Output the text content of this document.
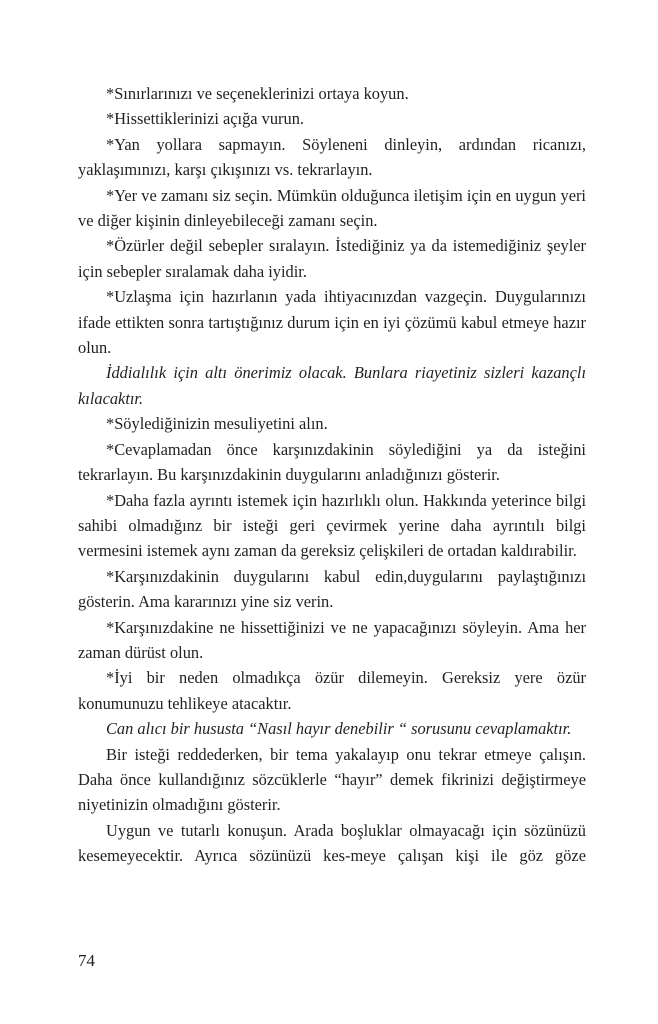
*Sınırlarınızı ve seçeneklerinizi ortaya koyun.

*Hissettiklerinizi açığa vurun.

*Yan yollara sapmayın. Söyleneni dinleyin, ardından ricanızı, yaklaşımınızı, karşı çıkışınızı vs. tekrarlayın.

*Yer ve zamanı siz seçin. Mümkün olduğunca iletişim için en uygun yeri ve diğer kişinin dinleyebileceği zamanı seçin.

*Özürler değil sebepler sıralayın. İstediğiniz ya da istemediğiniz şeyler için sebepler sıralamak daha iyidir.

*Uzlaşma için hazırlanın yada ihtiyacınızdan vazgeçin. Duygularınızı ifade ettikten sonra tartıştığınız durum için en iyi çözümü kabul etmeye hazır olun.

İddialılık için altı önerimiz olacak. Bunlara riayetiniz sizleri kazançlı kılacaktır.

*Söylediğinizin mesuliyetini alın.

*Cevaplamadan önce karşınızdakinin söylediğini ya da isteğini tekrarlayın. Bu karşınızdakinin duygularını anladığınızı gösterir.

*Daha fazla ayrıntı istemek için hazırlıklı olun. Hakkında yeterince bilgi sahibi olmadığınz bir isteği geri çevirmek yerine daha ayrıntılı bilgi vermesini istemek aynı zaman da gereksiz çelişkileri de ortadan kaldırabilir.

*Karşınızdakinin duygularını kabul edin,duygularını paylaştığınızı gösterin. Ama kararınızı yine siz verin.

*Karşınızdakine ne hissettiğinizi ve ne yapacağınızı söyleyin. Ama her zaman dürüst olun.

*İyi bir neden olmadıkça özür dilemeyin. Gereksiz yere özür konumunuzu tehlikeye atacaktır.

Can alıcı bir hususta “Nasıl hayır denebilir “ sorusunu cevaplamaktır.

Bir isteği reddederken, bir tema yakalayıp onu tekrar etmeye çalışın. Daha önce kullandığınız sözcüklerle “hayır” demek fikrinizi değiştirmeye niyetinizin olmadığını gösterir.

Uygun ve tutarlı konuşun. Arada boşluklar olmayacağı için sözünüzü kesemeyecektir. Ayrıca sözünüzü kes-meye çalışan kişi ile göz göze

74
